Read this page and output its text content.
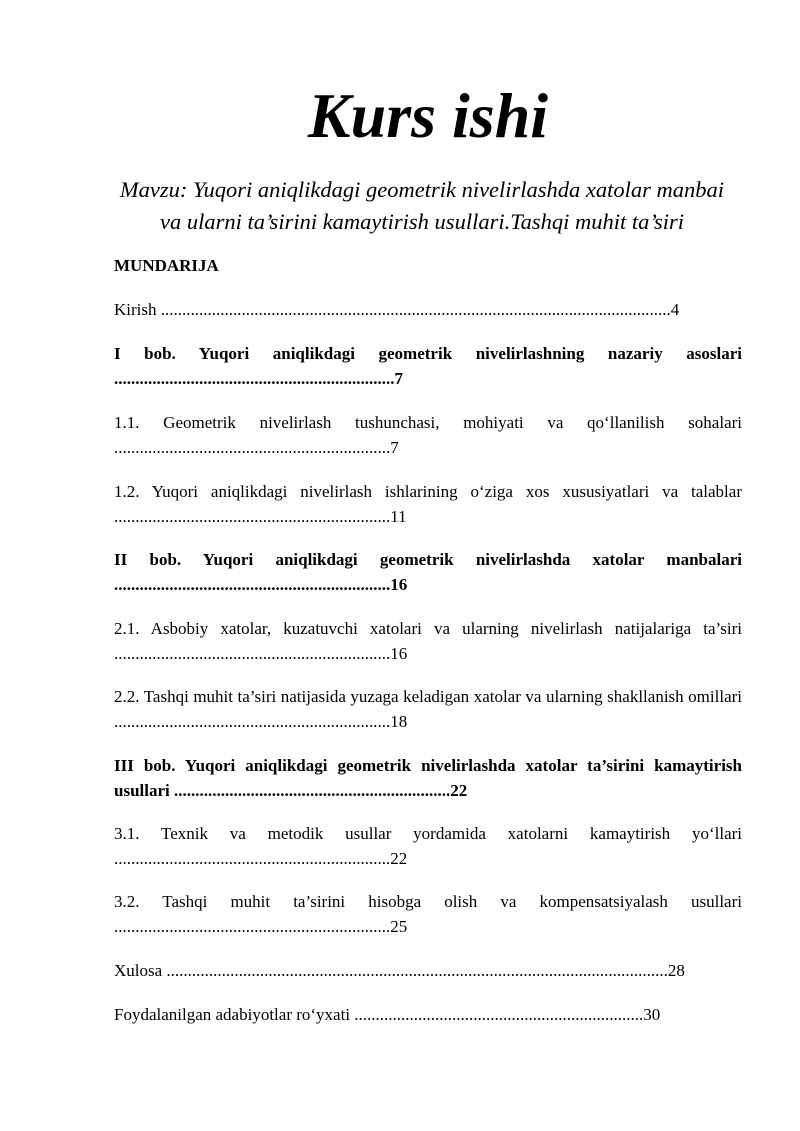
Kurs ishi
Mavzu: Yuqori aniqlikdagi geometrik nivelirlashda xatolar manbai va ularni ta’sirini kamaytirish usullari.Tashqi muhit ta’siri
MUNDARIJA
Kirish ........................................................................................................................4
I bob. Yuqori aniqlikdagi geometrik nivelirlashning nazariy asoslari ..................................................................7
1.1. Geometrik nivelirlash tushunchasi, mohiyati va qo‘llanilish sohalari .................................................................7
1.2. Yuqori aniqlikdagi nivelirlash ishlarining o‘ziga xos xususiyatlari va talablar .................................................................11
II bob. Yuqori aniqlikdagi geometrik nivelirlashda xatolar manbalari .................................................................16
2.1. Asbobiy xatolar, kuzatuvchi xatolari va ularning nivelirlash natijalariga ta’siri .................................................................16
2.2. Tashqi muhit ta’siri natijasida yuzaga keladigan xatolar va ularning shakllanish omillari .................................................................18
III bob. Yuqori aniqlikdagi geometrik nivelirlashda xatolar ta’sirini kamaytirish usullari .................................................................22
3.1. Texnik va metodik usullar yordamida xatolarni kamaytirish yo‘llari .................................................................22
3.2. Tashqi muhit ta’sirini hisobga olish va kompensatsiyalash usullari .................................................................25
Xulosa ......................................................................................................................28
Foydalanilgan adabiyotlar ro‘yxati ....................................................................30
